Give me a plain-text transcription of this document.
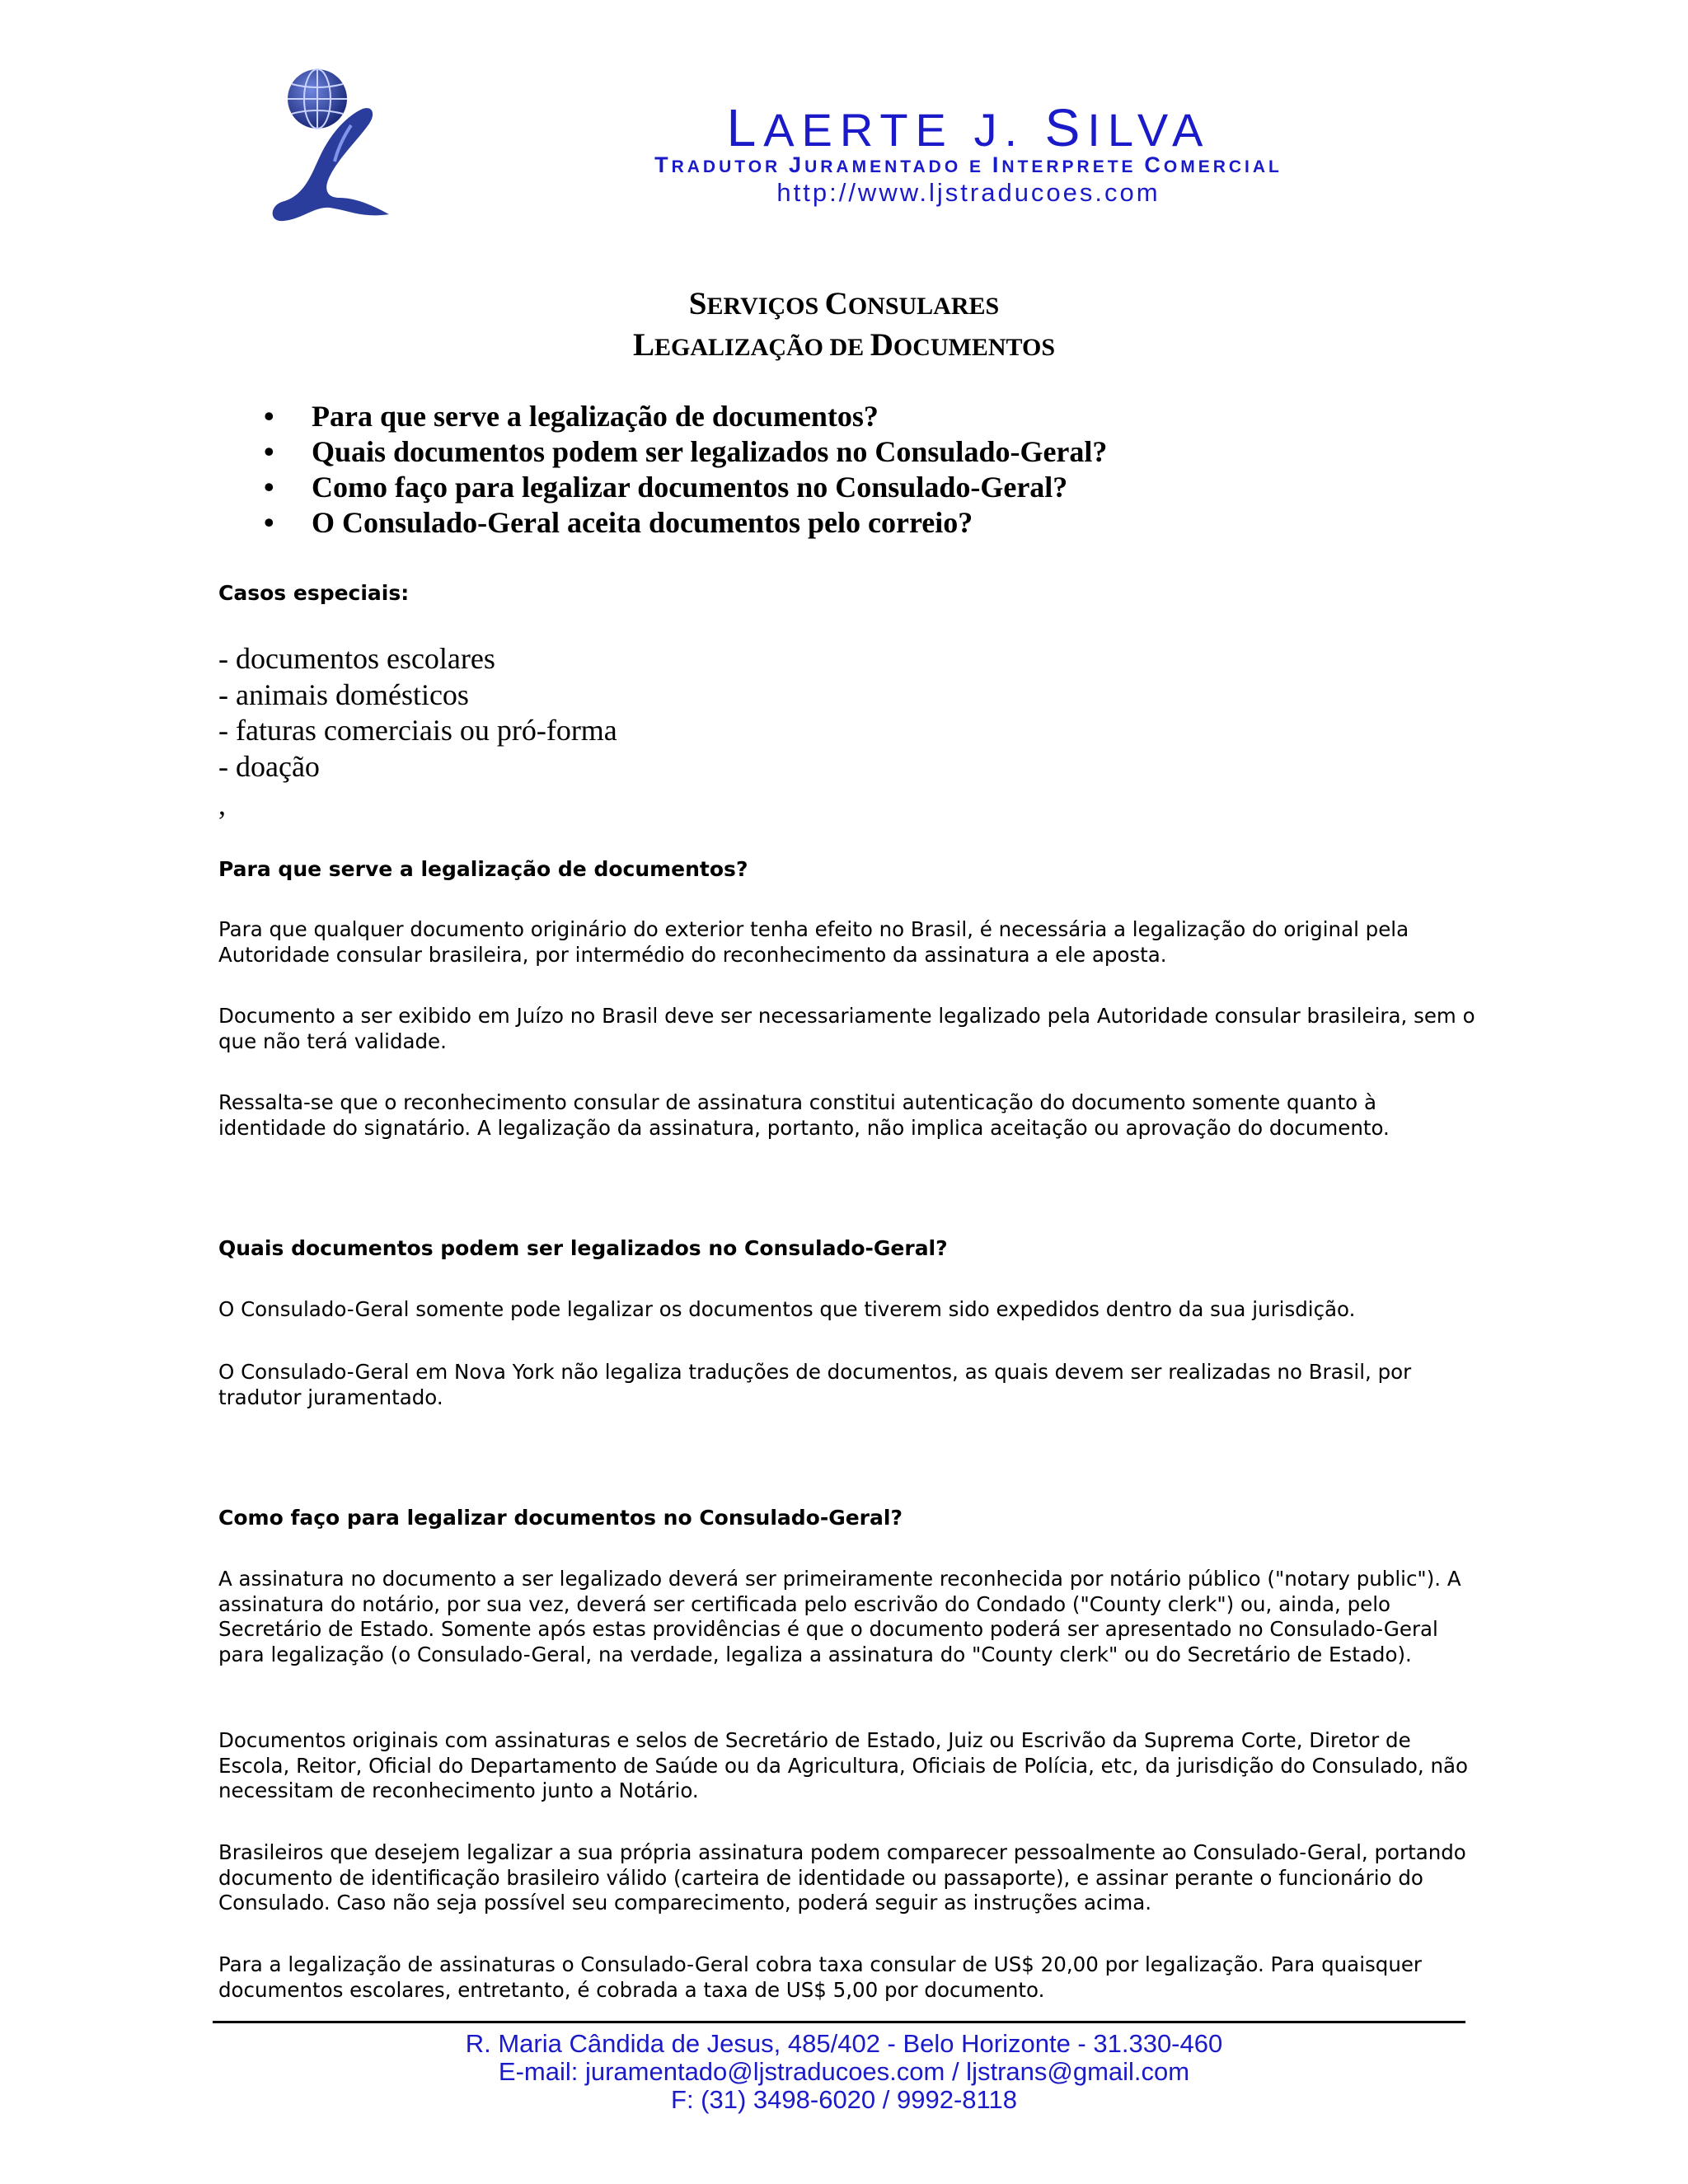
LAERTE J. SILVA
TRADUTOR JURAMENTADO E INTERPRETE COMERCIAL
http://www.ljstraducoes.com
SERVIÇOS CONSULARES
LEGALIZAÇÃO DE DOCUMENTOS
• Para que serve a legalização de documentos?
• Quais documentos podem ser legalizados no Consulado-Geral?
• Como faço para legalizar documentos no Consulado-Geral?
• O Consulado-Geral aceita documentos pelo correio?
Casos especiais:
- documentos escolares
- animais domésticos
- faturas comerciais ou pró-forma
- doação
,
Para que serve a legalização de documentos?
Para que qualquer documento originário do exterior tenha efeito no Brasil, é necessária a legalização do original pela Autoridade consular brasileira, por intermédio do reconhecimento da assinatura a ele aposta.
Documento a ser exibido em Juízo no Brasil deve ser necessariamente legalizado pela Autoridade consular brasileira, sem o que não terá validade.
Ressalta-se que o reconhecimento consular de assinatura constitui autenticação do documento somente quanto à identidade do signatário. A legalização da assinatura, portanto, não implica aceitação ou aprovação do documento.
Quais documentos podem ser legalizados no Consulado-Geral?
O Consulado-Geral somente pode legalizar os documentos que tiverem sido expedidos dentro da sua jurisdição.
O Consulado-Geral em Nova York não legaliza traduções de documentos, as quais devem ser realizadas no Brasil, por tradutor juramentado.
Como faço para legalizar documentos no Consulado-Geral?
A assinatura no documento a ser legalizado deverá ser primeiramente reconhecida por notário público ("notary public"). A assinatura do notário, por sua vez, deverá ser certificada pelo escrivão do Condado ("County clerk") ou, ainda, pelo Secretário de Estado. Somente após estas providências é que o documento poderá ser apresentado no Consulado-Geral para legalização (o Consulado-Geral, na verdade, legaliza a assinatura do "County clerk" ou do Secretário de Estado).
Documentos originais com assinaturas e selos de Secretário de Estado, Juiz ou Escrivão da Suprema Corte, Diretor de Escola, Reitor, Oficial do Departamento de Saúde ou da Agricultura, Oficiais de Polícia, etc, da jurisdição do Consulado, não necessitam de reconhecimento junto a Notário.
Brasileiros que desejem legalizar a sua própria assinatura podem comparecer pessoalmente ao Consulado-Geral, portando documento de identificação brasileiro válido (carteira de identidade ou passaporte), e assinar perante o funcionário do Consulado. Caso não seja possível seu comparecimento, poderá seguir as instruções acima.
Para a legalização de assinaturas o Consulado-Geral cobra taxa consular de US$ 20,00 por legalização. Para quaisquer documentos escolares, entretanto, é cobrada a taxa de US$ 5,00 por documento.
R. Maria Cândida de Jesus, 485/402 - Belo Horizonte - 31.330-460
E-mail: juramentado@ljstraducoes.com / ljstrans@gmail.com
F: (31) 3498-6020 / 9992-8118
